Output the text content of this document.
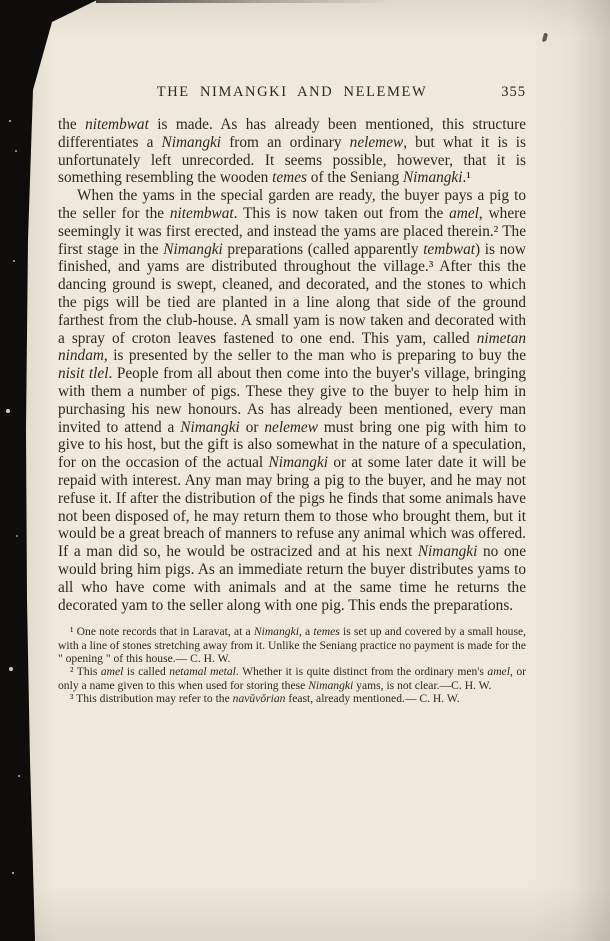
THE NIMANGKI AND NELEMEW	355

the nitembwat is made. As has already been mentioned, this structure differentiates a Nimangki from an ordinary nelemew, but what it is is unfortunately left unrecorded. It seems possible, however, that it is something resembling the wooden temes of the Seniang Nimangki.¹

When the yams in the special garden are ready, the buyer pays a pig to the seller for the nitembwat. This is now taken out from the amel, where seemingly it was first erected, and instead the yams are placed therein.² The first stage in the Nimangki preparations (called apparently tembwat) is now finished, and yams are distributed throughout the village.³ After this the dancing ground is swept, cleaned, and decorated, and the stones to which the pigs will be tied are planted in a line along that side of the ground farthest from the club-house. A small yam is now taken and decorated with a spray of croton leaves fastened to one end. This yam, called nimetan nindam, is presented by the seller to the man who is preparing to buy the nisit tlel. People from all about then come into the buyer's village, bringing with them a number of pigs. These they give to the buyer to help him in purchasing his new honours. As has already been mentioned, every man invited to attend a Nimangki or nelemew must bring one pig with him to give to his host, but the gift is also somewhat in the nature of a speculation, for on the occasion of the actual Nimangki or at some later date it will be repaid with interest. Any man may bring a pig to the buyer, and he may not refuse it. If after the distribution of the pigs he finds that some animals have not been disposed of, he may return them to those who brought them, but it would be a great breach of manners to refuse any animal which was offered. If a man did so, he would be ostracized and at his next Nimangki no one would bring him pigs. As an immediate return the buyer distributes yams to all who have come with animals and at the same time he returns the decorated yam to the seller along with one pig. This ends the preparations.

¹ One note records that in Laravat, at a Nimangki, a temes is set up and covered by a small house, with a line of stones stretching away from it. Unlike the Seniang practice no payment is made for the " opening " of this house.— C. H. W.

² This amel is called netamal metal. Whether it is quite distinct from the ordinary men's amel, or only a name given to this when used for storing these Nimangki yams, is not clear.—C. H. W.

³ This distribution may refer to the navŭvŏrian feast, already mentioned.— C. H. W.
